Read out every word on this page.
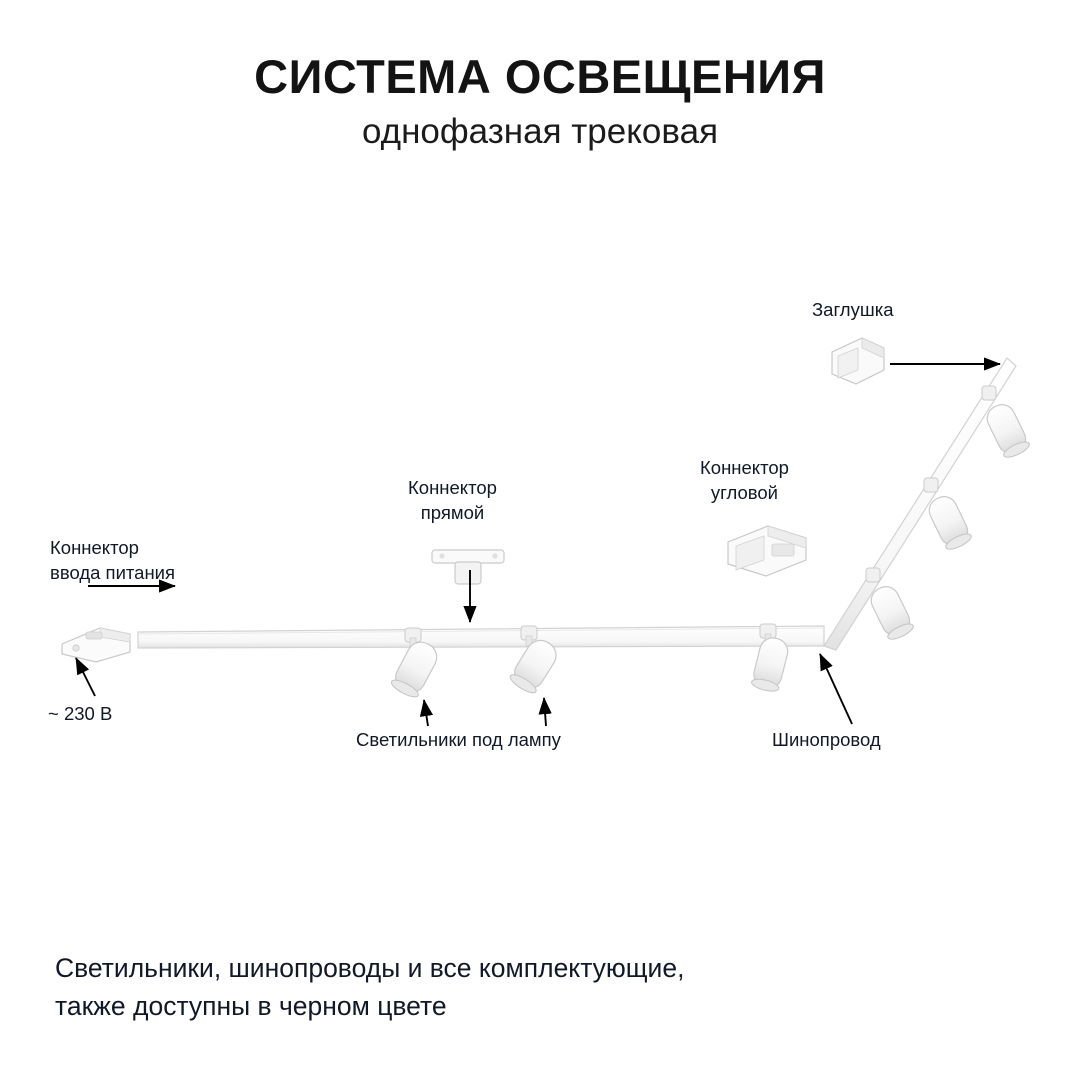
СИСТЕМА ОСВЕЩЕНИЯ
однофазная трековая
Заглушка
Коннектор
прямой
Коннектор
угловой
Коннектор
ввода питания
~ 230 В
Светильники под лампу	Шинопровод
Светильники, шинопроводы и все комплектующие,
также доступны в черном цвете
